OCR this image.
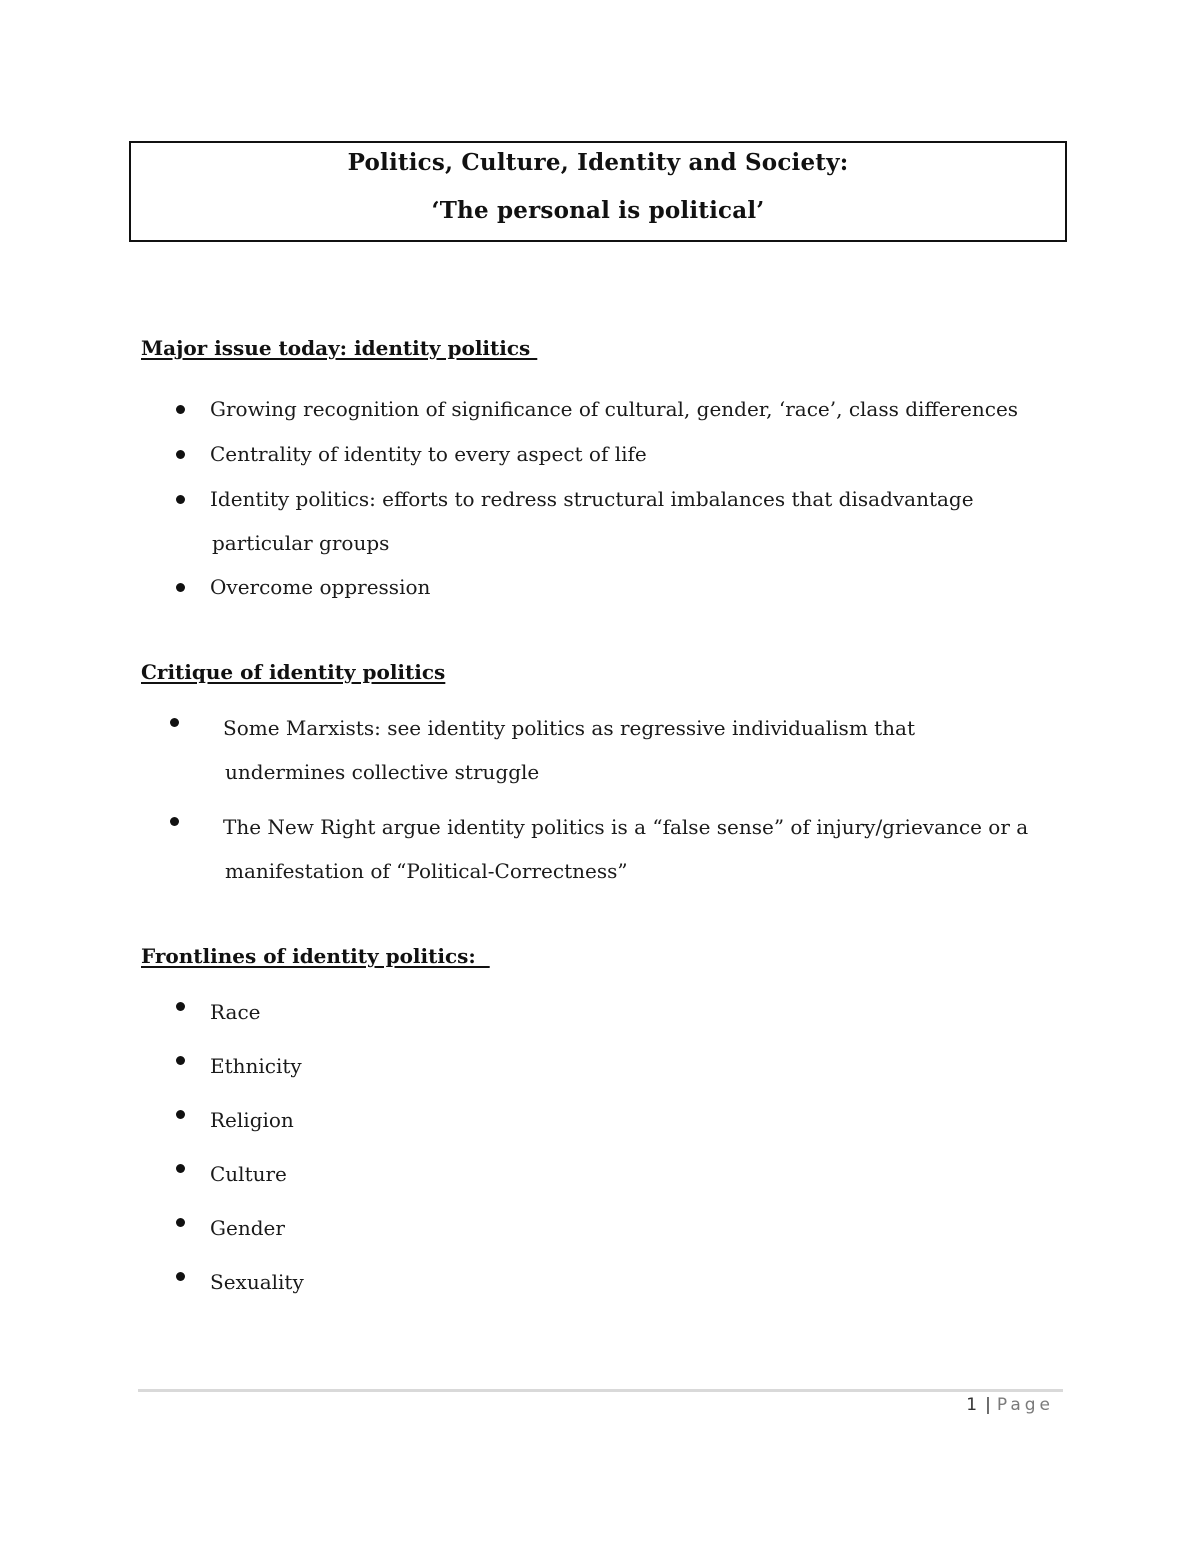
Politics, Culture, Identity and Society:
‘The personal is political’
Major issue today: identity politics
Growing recognition of significance of cultural, gender, ‘race’, class differences
Centrality of identity to every aspect of life
Identity politics: efforts to redress structural imbalances that disadvantage
particular groups
Overcome oppression
Critique of identity politics
Some Marxists: see identity politics as regressive individualism that
undermines collective struggle
The New Right argue identity politics is a “false sense” of injury/grievance or a
manifestation of “Political-Correctness”
Frontlines of identity politics:
Race
Ethnicity
Religion
Culture
Gender
Sexuality
1 | Page
